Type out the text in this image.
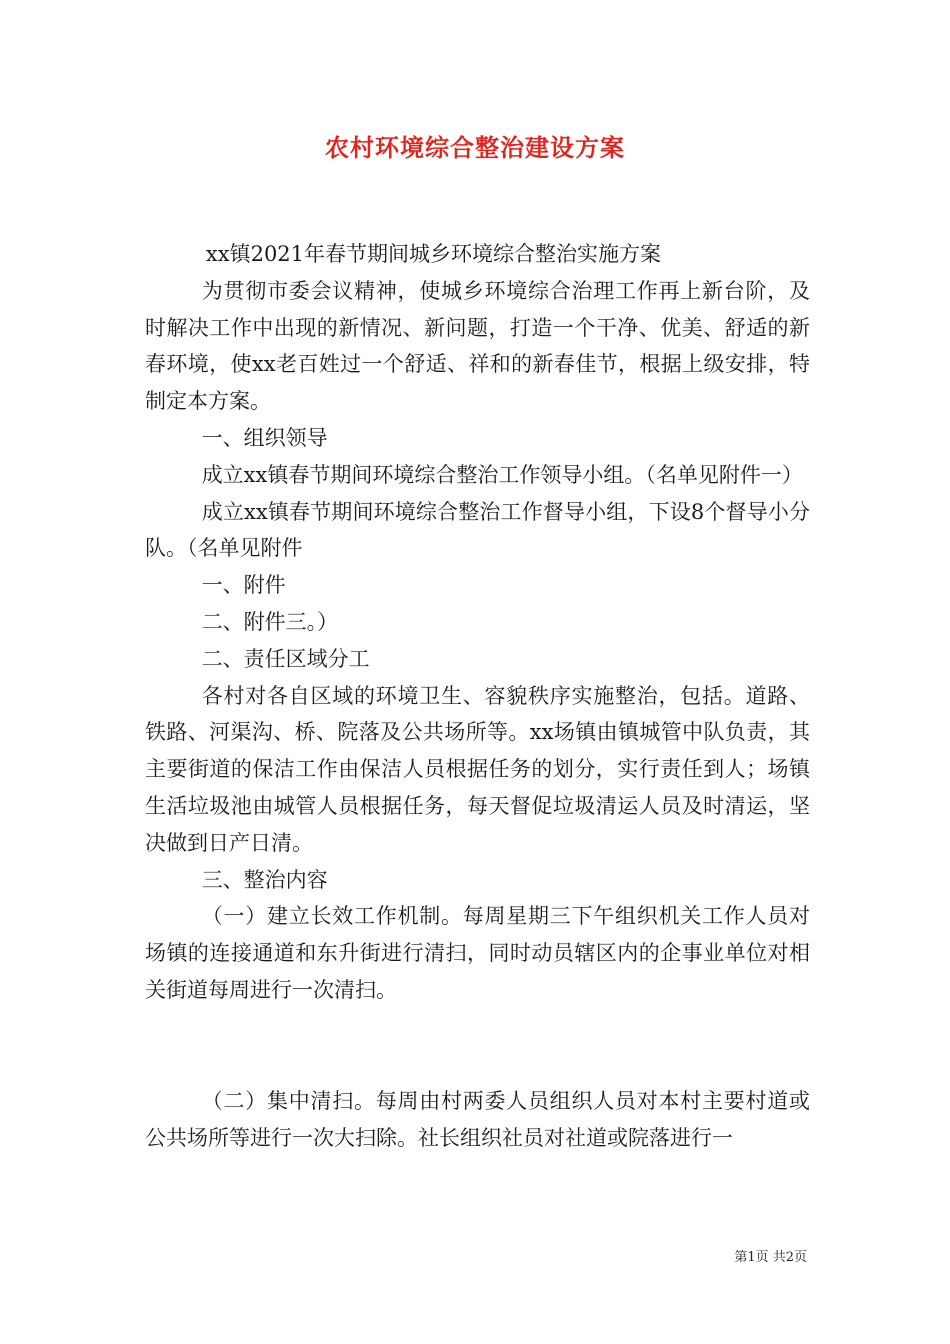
农村环境综合整治建设方案

xx镇2021年春节期间城乡环境综合整治实施方案

为贯彻市委会议精神，使城乡环境综合治理工作再上新台阶，及时解决工作中出现的新情况、新问题，打造一个干净、优美、舒适的新春环境，使xx老百姓过一个舒适、祥和的新春佳节，根据上级安排，特制定本方案。

一、组织领导

成立xx镇春节期间环境综合整治工作领导小组。（名单见附件一）

成立xx镇春节期间环境综合整治工作督导小组，下设8个督导小分队。（名单见附件

一、附件

二、附件三。）

二、责任区域分工

各村对各自区域的环境卫生、容貌秩序实施整治，包括。道路、铁路、河渠沟、桥、院落及公共场所等。xx场镇由镇城管中队负责，其主要街道的保洁工作由保洁人员根据任务的划分，实行责任到人；场镇生活垃圾池由城管人员根据任务，每天督促垃圾清运人员及时清运，坚决做到日产日清。

三、整治内容

（一）建立长效工作机制。每周星期三下午组织机关工作人员对场镇的连接通道和东升街进行清扫，同时动员辖区内的企事业单位对相关街道每周进行一次清扫。

（二）集中清扫。每周由村两委人员组织人员对本村主要村道或公共场所等进行一次大扫除。社长组织社员对社道或院落进行一

第1页 共2页
